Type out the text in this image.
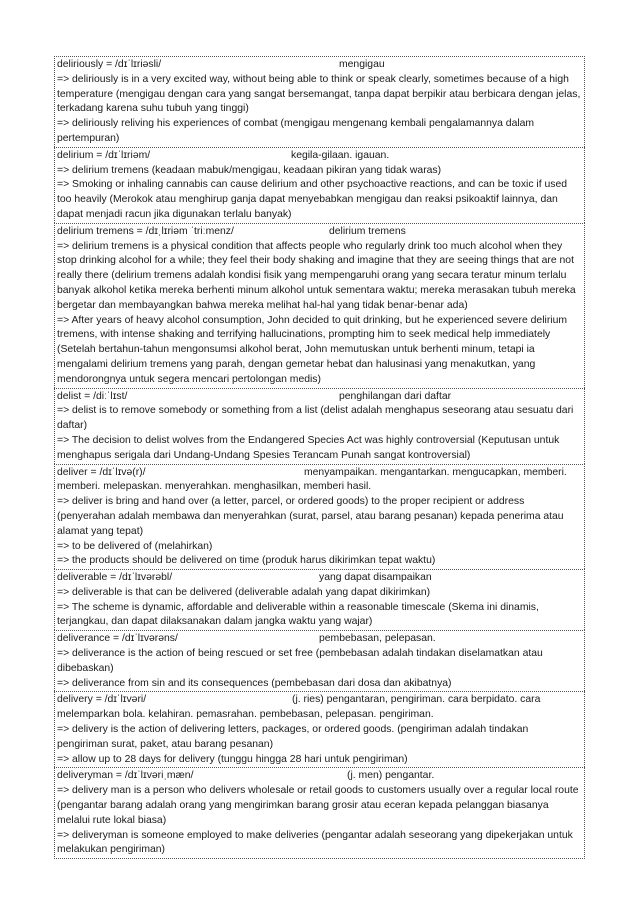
deliriously = /dɪˈlɪriəsli/	mengigau

=> deliriously is in a very excited way, without being able to think or speak clearly, sometimes because of a high temperature (mengigau dengan cara yang sangat bersemangat, tanpa dapat berpikir atau berbicara dengan jelas, terkadang karena suhu tubuh yang tinggi)

=> deliriously reliving his experiences of combat (mengigau mengenang kembali pengalamannya dalam pertempuran)

delirium = /dɪˈlɪriəm/	kegila-gilaan. igauan.

=> delirium tremens (keadaan mabuk/mengigau, keadaan pikiran yang tidak waras)

=> Smoking or inhaling cannabis can cause delirium and other psychoactive reactions, and can be toxic if used too heavily (Merokok atau menghirup ganja dapat menyebabkan mengigau dan reaksi psikoaktif lainnya, dan dapat menjadi racun jika digunakan terlalu banyak)

delirium tremens = /dɪˌlɪriəm ˈtriːmenz/	delirium tremens

=> delirium tremens is a physical condition that affects people who regularly drink too much alcohol when they stop drinking alcohol for a while; they feel their body shaking and imagine that they are seeing things that are not really there (delirium tremens adalah kondisi fisik yang mempengaruhi orang yang secara teratur minum terlalu banyak alkohol ketika mereka berhenti minum alkohol untuk sementara waktu; mereka merasakan tubuh mereka bergetar dan membayangkan bahwa mereka melihat hal-hal yang tidak benar-benar ada)

=> After years of heavy alcohol consumption, John decided to quit drinking, but he experienced severe delirium tremens, with intense shaking and terrifying hallucinations, prompting him to seek medical help immediately (Setelah bertahun-tahun mengonsumsi alkohol berat, John memutuskan untuk berhenti minum, tetapi ia mengalami delirium tremens yang parah, dengan gemetar hebat dan halusinasi yang menakutkan, yang mendorongnya untuk segera mencari pertolongan medis)

delist = /diːˈlɪst/	penghilangan dari daftar

=> delist is to remove somebody or something from a list (delist adalah menghapus seseorang atau sesuatu dari daftar)

=> The decision to delist wolves from the Endangered Species Act was highly controversial (Keputusan untuk menghapus serigala dari Undang-Undang Spesies Terancam Punah sangat kontroversial)

deliver = /dɪˈlɪvə(r)/	menyampaikan. mengantarkan. mengucapkan, memberi.

memberi. melepaskan. menyerahkan. menghasilkan, memberi hasil.

=> deliver is bring and hand over (a letter, parcel, or ordered goods) to the proper recipient or address (penyerahan adalah membawa dan menyerahkan (surat, parsel, atau barang pesanan) kepada penerima atau alamat yang tepat)

=> to be delivered of (melahirkan)

=> the products should be delivered on time (produk harus dikirimkan tepat waktu)

deliverable = /dɪˈlɪvərəbl/	yang dapat disampaikan

=> deliverable is that can be delivered (deliverable adalah yang dapat dikirimkan)

=> The scheme is dynamic, affordable and deliverable within a reasonable timescale (Skema ini dinamis, terjangkau, dan dapat dilaksanakan dalam jangka waktu yang wajar)

deliverance = /dɪˈlɪvərəns/	pembebasan, pelepasan.

=> deliverance is the action of being rescued or set free (pembebasan adalah tindakan diselamatkan atau dibebaskan)

=> deliverance from sin and its consequences (pembebasan dari dosa dan akibatnya)

delivery = /dɪˈlɪvəri/	(j. ries) pengantaran, pengiriman. cara berpidato. cara

melemparkan bola. kelahiran. pemasrahan. pembebasan, pelepasan. pengiriman.

=> delivery is the action of delivering letters, packages, or ordered goods. (pengiriman adalah tindakan pengiriman surat, paket, atau barang pesanan)

=> allow up to 28 days for delivery (tunggu hingga 28 hari untuk pengiriman)

deliveryman = /dɪˈlɪvəriˌmæn/	(j. men) pengantar.

=> delivery man is a person who delivers wholesale or retail goods to customers usually over a regular local route (pengantar barang adalah orang yang mengirimkan barang grosir atau eceran kepada pelanggan biasanya melalui rute lokal biasa)

=> deliveryman is someone employed to make deliveries (pengantar adalah seseorang yang dipekerjakan untuk melakukan pengiriman)
